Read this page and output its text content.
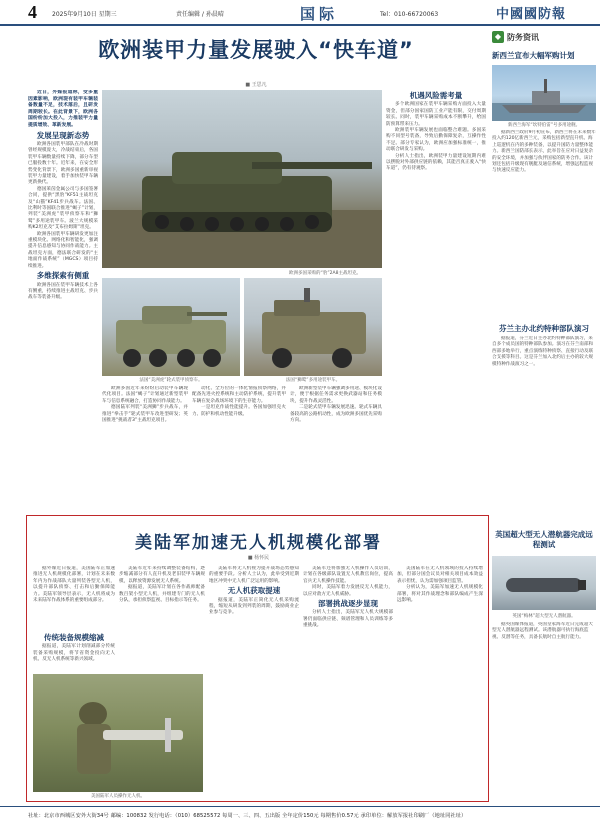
4	2025年9月10日 星期三	责任编辑 / 孙晨晴	国际	Tel：010-66720063	中國國防報
欧洲装甲力量发展驶入“快车道”
■ 王思凡

近日，外媒报道称，受多重因素影响，欧洲现有装甲车辆装备数量不足，技术落后，且研发周期较长。在此背景下，欧洲各国纷纷加大投入，力推装甲力量提质增效、革新发展。

发展呈现新态势

欧洲各国装甲部队在冷战时期曾经规模庞大，冷战结束后，各国装甲车辆数量持续下降，部分车型已服役数十年。近年来，在安全形势变化背景下，欧洲多国重新审视装甲力量建设，着手加快装甲车辆更新换代。

德国莱茵金属公司与多国签署合同，提供“黑豹”KF51主战坦克及“山猫”KF41步兵战车。法国、比利时等国联合推进“蝎子”计划，列装“美洲虎”装甲侦察车和“狮鹫”多用途装甲车。波兰大规模采购K2坦克及“艾布拉姆斯”坦克。

欧洲各国装甲车辆研发更加注重模块化、网络化和智能化，强调提升信息感知与协同作战能力。主战坦克方面，德法联合研发的“主地面作战系统”（MGCS）项目持续推进。

多维探索有侧重

欧洲各国在装甲车辆技术上各有侧重，持续推进主战坦克、步兵战车等装备升级。

欧洲多国采购的“豹”2A8主战坦克。
法国“美洲虎”轮式装甲侦察车。	法国“狮鹫”多用途装甲车。

机遇风险需考量

多个欧洲国家在装甲车辆采购方面投入大量资金，但部分国家国防工业产能有限，交付周期较长。同时，装甲车辆采购成本不断攀升，给国防预算带来压力。

欧洲装甲车辆发展也面临整合难题。多国采购不同型号装备，导致后勤保障复杂，互操作性不足。部分专家认为，欧洲应加强标准统一，推动联合研发与采购。

分析人士指出，欧洲装甲力量建设短期内难以摆脱对外部供应链的依赖，其能否真正驶入“快车道”，仍有待观察。

欧洲多国近年来纷纷启动装甲车辆现代化项目。法国“蝎子”计划通过新型装甲车与信息系统融合，打造协同作战能力。

德国陆军列装“美洲狮”步兵战车，并推进“拳击手”轮式装甲车改进型研发；英国推进“挑战者3”主战坦克项目。

动化、全方位的一体化情报侦察网络，并配备先进火控系统和主动防护系统，提升装甲车辆在复杂战场环境下的生存能力。

一是坦克作战性能提升。各国加强坦克火力、防护和机动性能升级。

欧洲新型装甲车辆强调多用途、模块化设计，便于根据任务需求更换武器站和任务模块，提升作战灵活性。

二是轮式装甲车辆发展迅速。轮式车辆具备较高的公路机动性，成为欧洲多国优先采购方向。

◆ 防务资讯
新西兰宣布大幅军购计划
新西兰海军“坎特伯雷”号多用途舰。

据新西兰政府9月初宣布，新西兰将在未来数年投入约120亿新西兰元，采购包括新型直升机、海上巡逻机在内的多种装备，以提升国防力量整体能力。新西兰国防部长表示，此举旨在应对日益复杂的安全环境，并加强与伙伴国家的防务合作。该计划还包括升级现有舰艇及通信系统，增强远程监视与快速反应能力。

芬兰主办北约特种部队演习

据报道，芬兰近日主办北约特种部队演习，来自多个成员国的特种部队参加。演习在芬兰南部和西部多地举行，重点演练特种侦察、直接行动及联合支援等科目。这是芬兰加入北约后主办的较大规模特种作战演习之一。

英国超大型无人潜航器完成远程测试
英国“梅林”超大型无人潜航器。

据英国媒体报道，英国皇家海军近日完成超大型无人潜航器远程测试。该潜航器可执行海底监视、反潜等任务，具备长航时自主航行能力。

美陆军加速无人机规模化部署
■ 杨怀民

据外媒近日报道，美国陆军正加速推进无人机规模化部署，计划在未来数年内为作战部队大量列装各型无人机，以提升部队侦察、打击和后勤保障能力。美陆军领导层表示，无人机将成为未来陆军作战体系的重要组成部分。

传统装备规模缩减

据报道，美陆军计划削减部分传统装备采购规模，将节省资金投向无人机、反无人机系统等新兴领域。

美国陆军人员操作无人机。

美陆军近年来持续调整装备结构，逐步缩减部分有人直升机及老旧装甲车辆规模，以释放资源发展无人系统。

据报道，美陆军计划在各作战师配备数百架小型无人机，并组建专门的无人机分队，承担侦察监视、目标指示等任务。

美陆军将无人机视为提升战场态势感知的重要手段。分析人士认为，此举受到近期地区冲突中无人机广泛运用的影响。

无人机获取提速

据报道，美陆军正简化无人机采购流程，缩短从研发到列装的周期，鼓励商业企业参与竞争。

美陆军还将加强无人机操作人员培训，计划在各级部队设置无人机教官岗位，提高官兵无人机操作技能。

同时，美陆军着力发展反无人机能力，以应对敌方无人机威胁。

部署挑战逐步显现

分析人士指出，美陆军无人机大规模部署仍面临供应链、频谱管理和人员训练等多重挑战。

美国陆军在无人机领域的投入持续增加，但部分国会议员对相关项目成本效益表示担忧，认为需加强项目监管。

分析认为，美陆军加速无人机规模化部署，将对其作战理念和部队编成产生深远影响。

社址：北京市西城区安外大街34号 邮编：100832 发行电话：（010）68525572 每周一、三、四、五出版 全年定价150元 每期售价0.57元 承印单位：解放军报社印刷厂（地址同社址）
